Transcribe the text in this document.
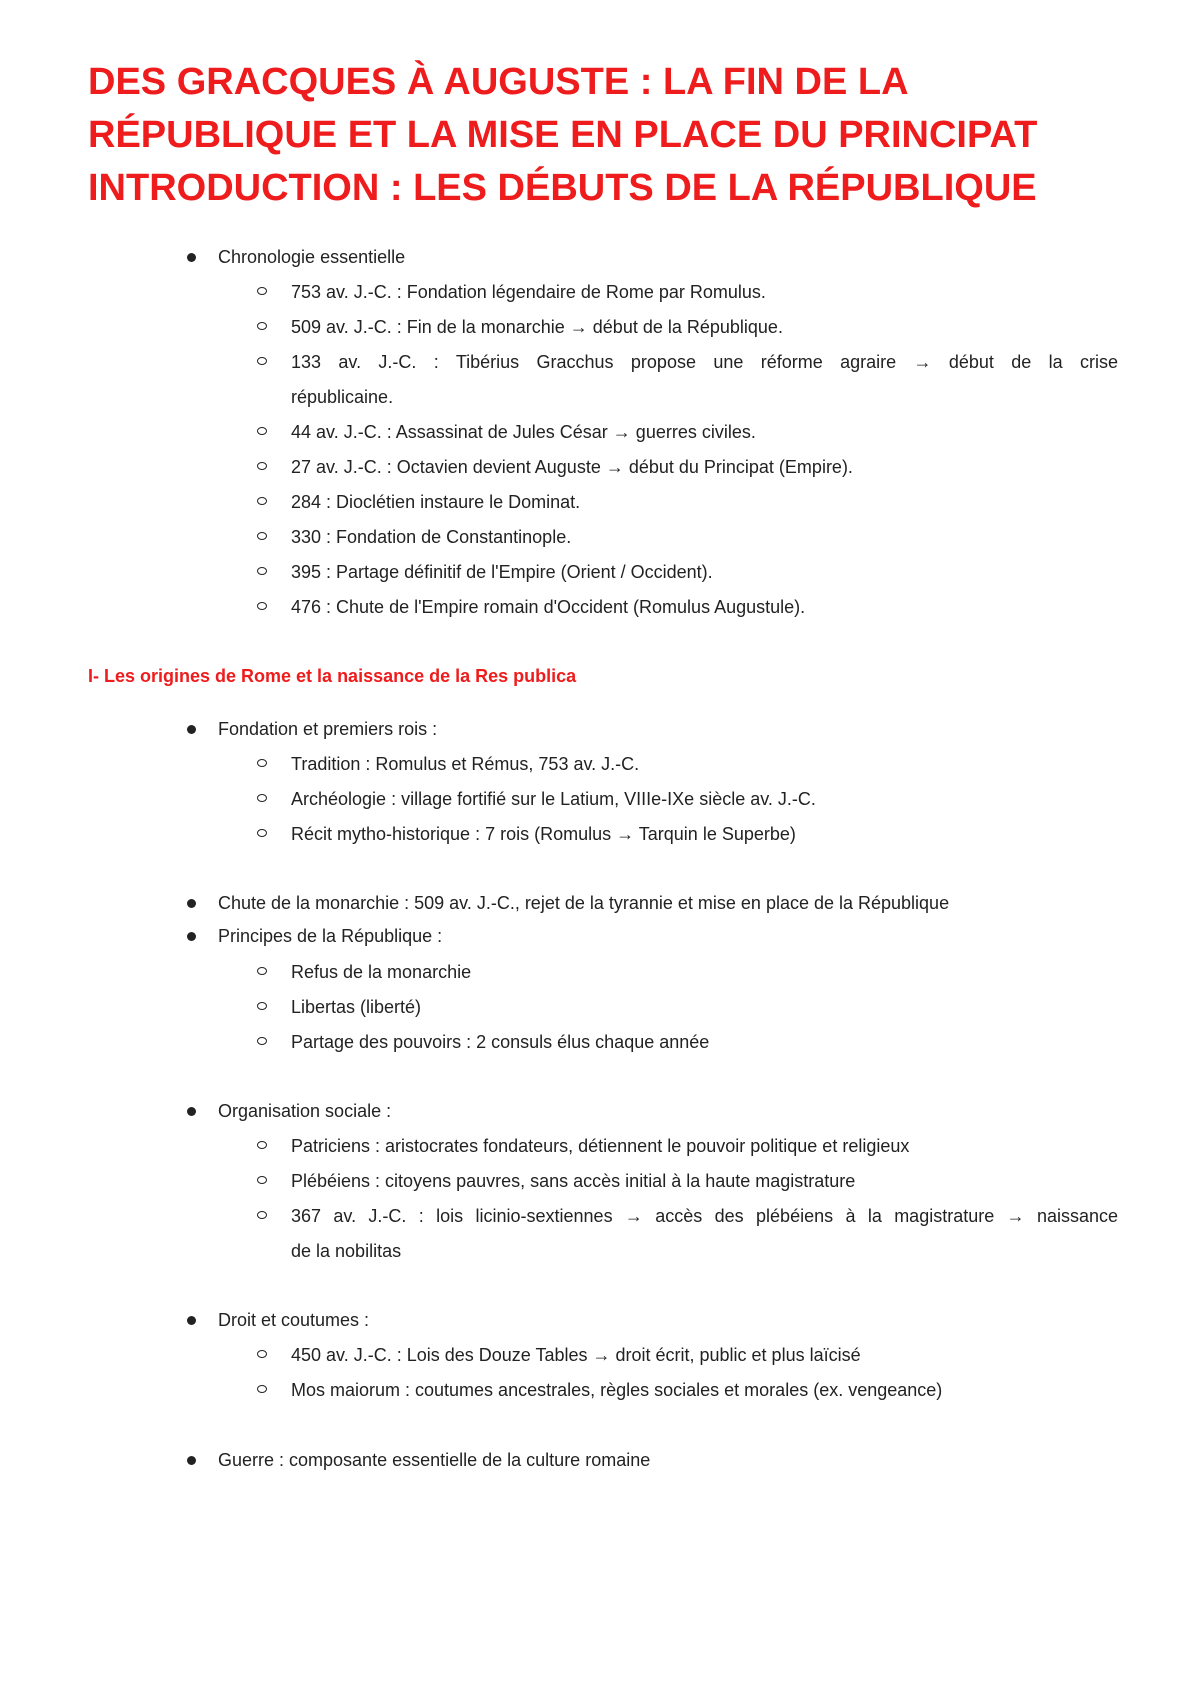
DES GRACQUES À AUGUSTE : LA FIN DE LA
RÉPUBLIQUE ET LA MISE EN PLACE DU PRINCIPAT
INTRODUCTION : LES DÉBUTS DE LA RÉPUBLIQUE
Chronologie essentielle
753 av. J.-C. : Fondation légendaire de Rome par Romulus.
509 av. J.-C. : Fin de la monarchie → début de la République.
133 av. J.-C. : Tibérius Gracchus propose une réforme agraire → début de la crise
républicaine.
44 av. J.-C. : Assassinat de Jules César → guerres civiles.
27 av. J.-C. : Octavien devient Auguste → début du Principat (Empire).
284 : Dioclétien instaure le Dominat.
330 : Fondation de Constantinople.
395 : Partage définitif de l'Empire (Orient / Occident).
476 : Chute de l'Empire romain d'Occident (Romulus Augustule).
I- Les origines de Rome et la naissance de la Res publica
Fondation et premiers rois :
Tradition : Romulus et Rémus, 753 av. J.-C.
Archéologie : village fortifié sur le Latium, VIIIe-IXe siècle av. J.-C.
Récit mytho-historique : 7 rois (Romulus → Tarquin le Superbe)
Chute de la monarchie : 509 av. J.-C., rejet de la tyrannie et mise en place de la République
Principes de la République :
Refus de la monarchie
Libertas (liberté)
Partage des pouvoirs : 2 consuls élus chaque année
Organisation sociale :
Patriciens : aristocrates fondateurs, détiennent le pouvoir politique et religieux
Plébéiens : citoyens pauvres, sans accès initial à la haute magistrature
367 av. J.-C. : lois licinio-sextiennes → accès des plébéiens à la magistrature → naissance
de la nobilitas
Droit et coutumes :
450 av. J.-C. : Lois des Douze Tables → droit écrit, public et plus laïcisé
Mos maiorum : coutumes ancestrales, règles sociales et morales (ex. vengeance)
Guerre : composante essentielle de la culture romaine
